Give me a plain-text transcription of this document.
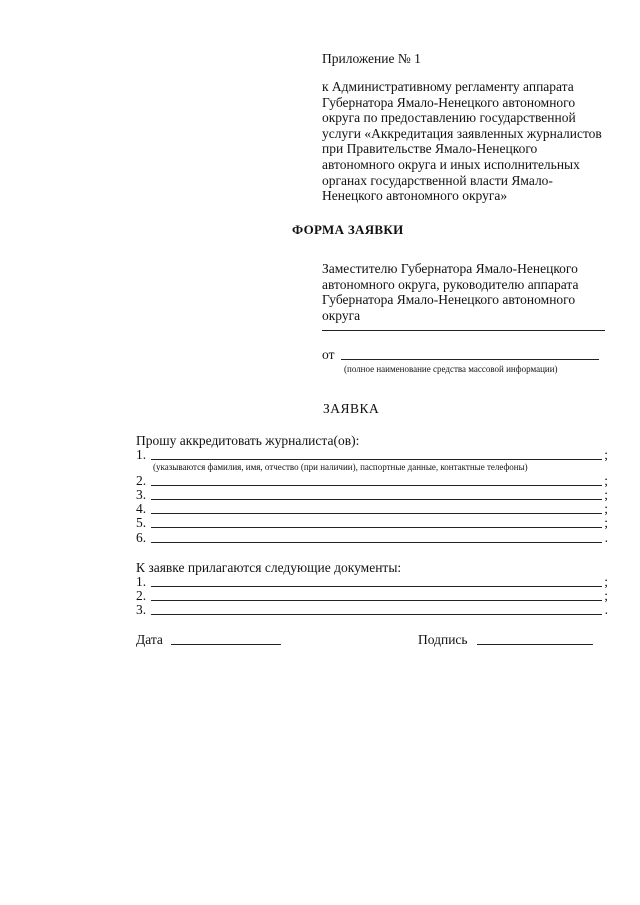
Приложение № 1
к Административному регламенту аппарата Губернатора Ямало-Ненецкого автономного округа по предоставлению государственной услуги «Аккредитация заявленных журналистов при Правительстве Ямало-Ненецкого автономного округа и иных исполнительных органах государственной власти Ямало-Ненецкого автономного округа»
ФОРМА ЗАЯВКИ
Заместителю Губернатора Ямало-Ненецкого автономного округа, руководителю аппарата Губернатора Ямало-Ненецкого автономного округа
от
(полное наименование средства массовой информации)
ЗАЯВКА
Прошу аккредитовать журналиста(ов):
1.	;
2.	;
3.	;
4.	;
5.	;
6.	.
(указываются фамилия, имя, отчество (при наличии), паспортные данные, контактные телефоны)
К заявке прилагаются следующие документы:
1.	;
2.	;
3.	.
Дата	Подпись
